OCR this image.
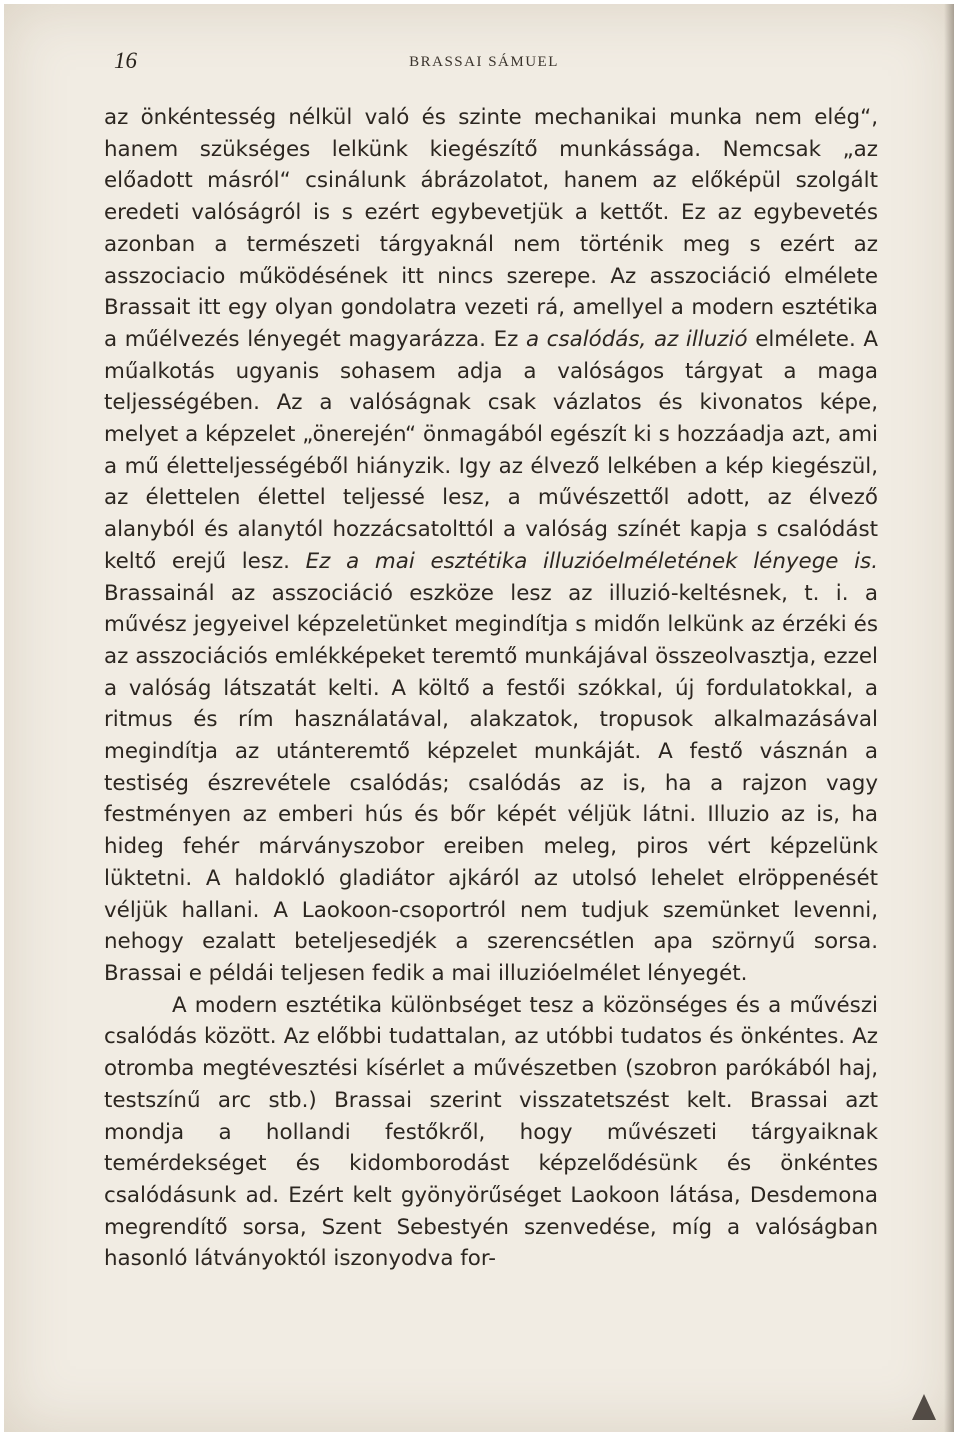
16	BRASSAI SÁMUEL

az önkéntesség nélkül való és szinte mechanikai munka nem elég“, hanem szükséges lelkünk kiegészítő munkássága. Nemcsak „az előadott másról“ csinálunk ábrázolatot, hanem az előképül szolgált eredeti valóságról is s ezért egybevetjük a kettőt. Ez az egybevetés azonban a természeti tárgyaknál nem történik meg s ezért az asszociacio működésének itt nincs szerepe. Az asszociáció elmélete Brassait itt egy olyan gondolatra vezeti rá, amellyel a modern esztétika a műélvezés lényegét magyarázza. Ez a csalódás, az illuzió elmélete. A műalkotás ugyanis sohasem adja a valóságos tárgyat a maga teljességében. Az a valóságnak csak vázlatos és kivonatos képe, melyet a képzelet „önerején“ önmagából egészít ki s hozzáadja azt, ami a mű életteljességéből hiányzik. Igy az élvező lelkében a kép kiegészül, az élettelen élettel teljessé lesz, a művészettől adott, az élvező alanyból és alanytól hozzácsatolttól a valóság színét kapja s csalódást keltő erejű lesz. Ez a mai esztétika illuzióelméletének lényege is. Brassainál az asszociáció eszköze lesz az illuzió-keltésnek, t. i. a művész jegyeivel képzeletünket megindítja s midőn lelkünk az érzéki és az asszociációs emlékképeket teremtő munkájával összeolvasztja, ezzel a valóság látszatát kelti. A költő a festői szókkal, új fordulatokkal, a ritmus és rím használatával, alakzatok, tropusok alkalmazásával megindítja az utánteremtő képzelet munkáját. A festő vásznán a testiség észrevétele csalódás; csalódás az is, ha a rajzon vagy festményen az emberi hús és bőr képét véljük látni. Illuzio az is, ha hideg fehér márványszobor ereiben meleg, piros vért képzelünk lüktetni. A haldokló gladiátor ajkáról az utolsó lehelet elröppenését véljük hallani. A Laokoon-csoportról nem tudjuk szemünket levenni, nehogy ezalatt beteljesedjék a szerencsétlen apa szörnyű sorsa. Brassai e példái teljesen fedik a mai illuzióelmélet lényegét.

A modern esztétika különbséget tesz a közönséges és a művészi csalódás között. Az előbbi tudattalan, az utóbbi tudatos és önkéntes. Az otromba megtévesztési kísérlet a művészetben (szobron parókából haj, testszínű arc stb.) Brassai szerint visszatetszést kelt. Brassai azt mondja a hollandi festőkről, hogy művészeti tárgyaiknak temérdekséget és kidomborodást képzelődésünk és önkéntes csalódásunk ad. Ezért kelt gyönyörűséget Laokoon látása, Desdemona megrendítő sorsa, Szent Sebestyén szenvedése, míg a valóságban hasonló látványoktól iszonyodva for-
